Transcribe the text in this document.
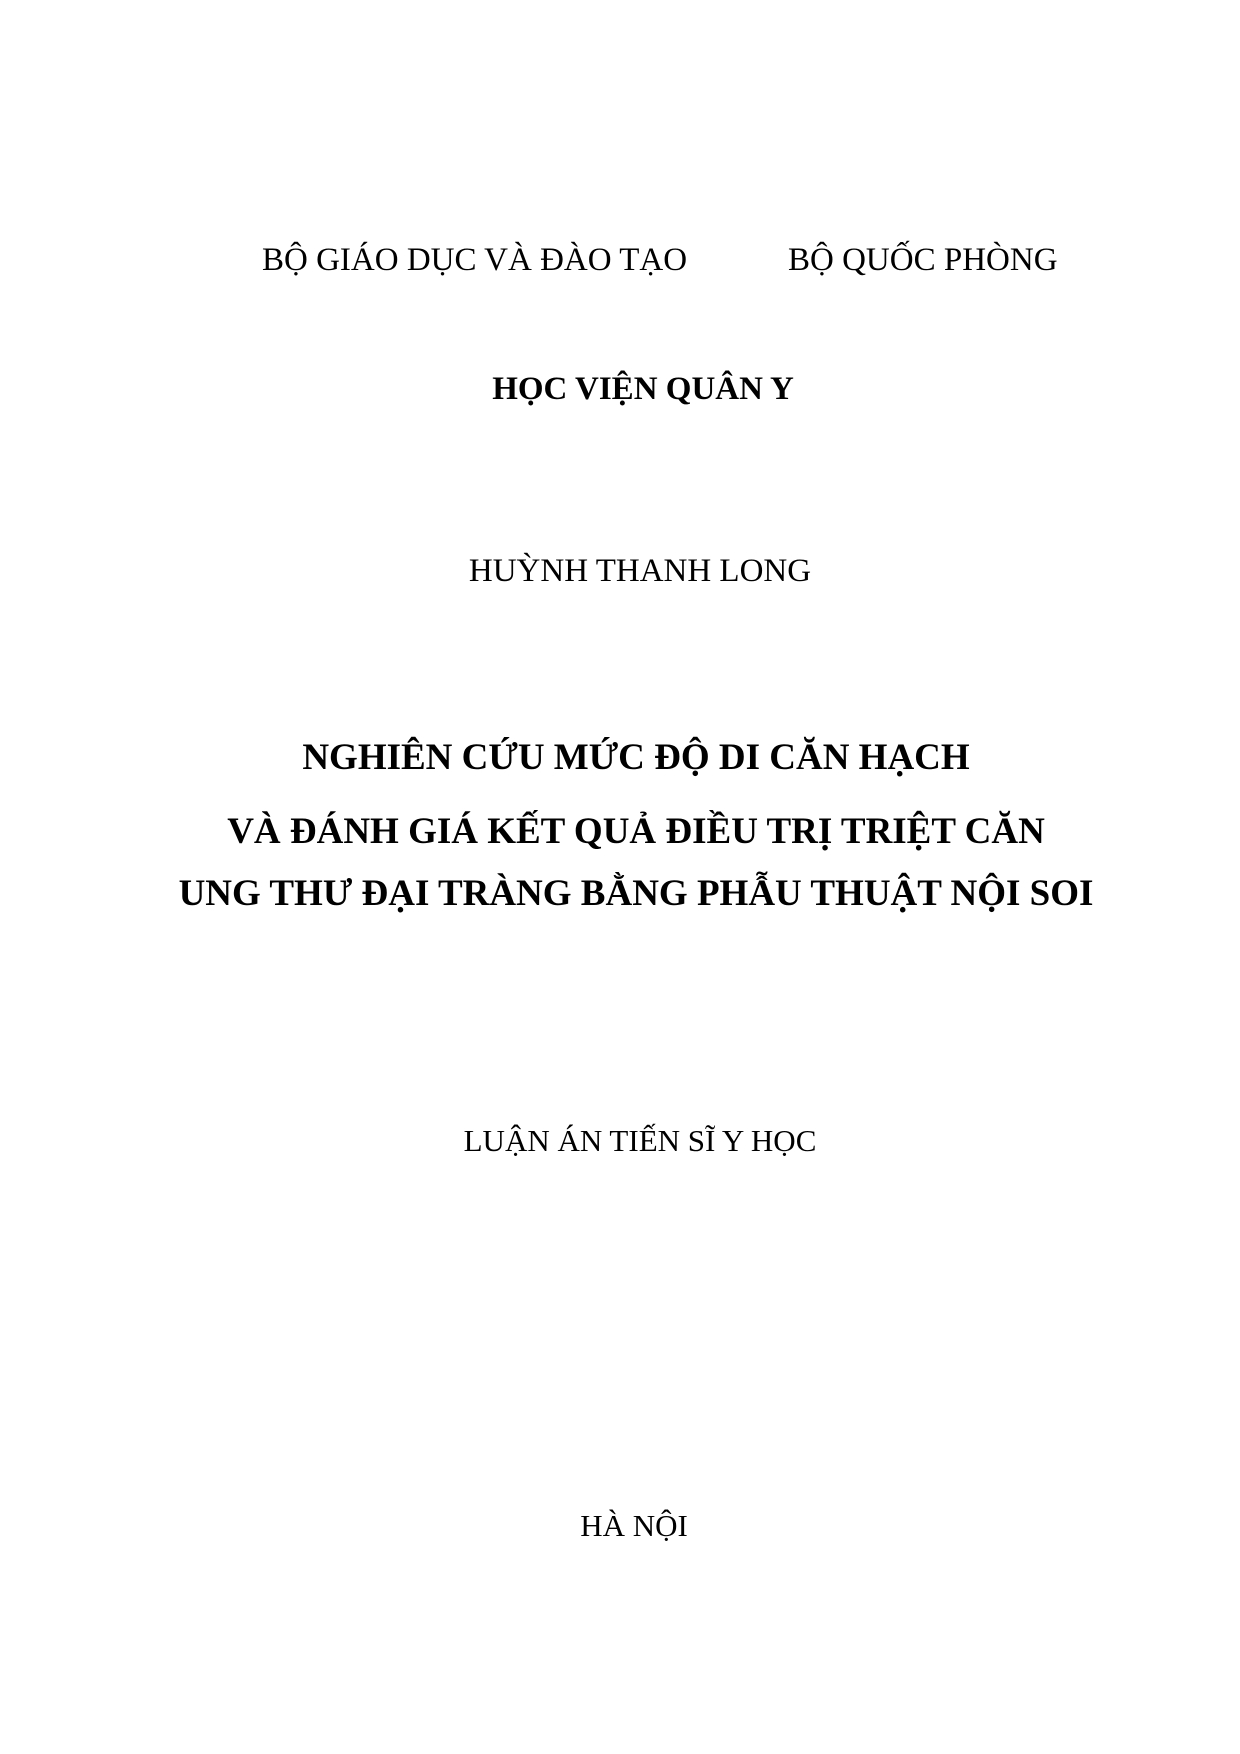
BỘ GIÁO DỤC VÀ ĐÀO TẠO	BỘ QUỐC PHÒNG
HỌC VIỆN QUÂN Y
HUỲNH THANH LONG
NGHIÊN CỨU MỨC ĐỘ DI CĂN HẠCH
VÀ ĐÁNH GIÁ KẾT QUẢ ĐIỀU TRỊ TRIỆT CĂN
UNG THƯ ĐẠI TRÀNG BẰNG PHẪU THUẬT NỘI SOI
LUẬN ÁN TIẾN SĨ Y HỌC
HÀ NỘI
